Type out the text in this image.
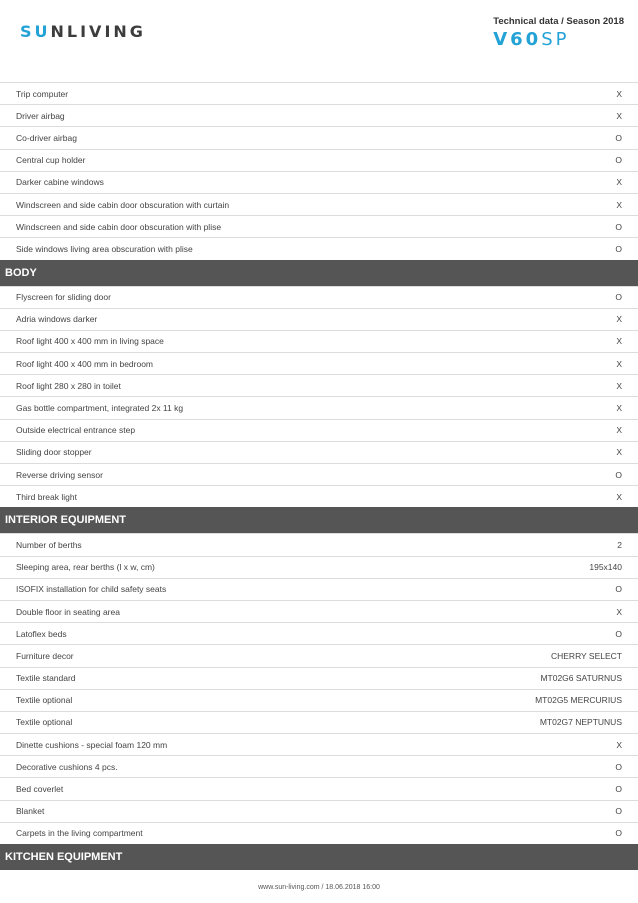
SU NLIVING	Technical data / Season 2018
V60SP
Trip computer	X
Driver airbag	X
Co-driver airbag	O
Central cup holder	O
Darker cabine windows	X
Windscreen and side cabin door obscuration with curtain	X
Windscreen and side cabin door obscuration with plise	O
Side windows living area obscuration with plise	O
BODY
Flyscreen for sliding door	O
Adria windows darker	X
Roof light 400 x 400 mm in living space	X
Roof light 400 x 400 mm in bedroom	X
Roof light 280 x 280 in toilet	X
Gas bottle compartment, integrated 2x 11 kg	X
Outside electrical entrance step	X
Sliding door stopper	X
Reverse driving sensor	O
Third break light	X
INTERIOR EQUIPMENT
Number of berths	2
Sleeping area, rear berths (l x w, cm)	195x140
ISOFIX installation for child safety seats	O
Double floor in seating area	X
Latoflex beds	O
Furniture decor	CHERRY SELECT
Textile standard	MT02G6 SATURNUS
Textile optional	MT02G5 MERCURIUS
Textile optional	MT02G7 NEPTUNUS
Dinette cushions - special foam 120 mm	X
Decorative cushions 4 pcs.	O
Bed coverlet	O
Blanket	O
Carpets in the living compartment	O
KITCHEN EQUIPMENT
www.sun-living.com / 18.06.2018 16:00
